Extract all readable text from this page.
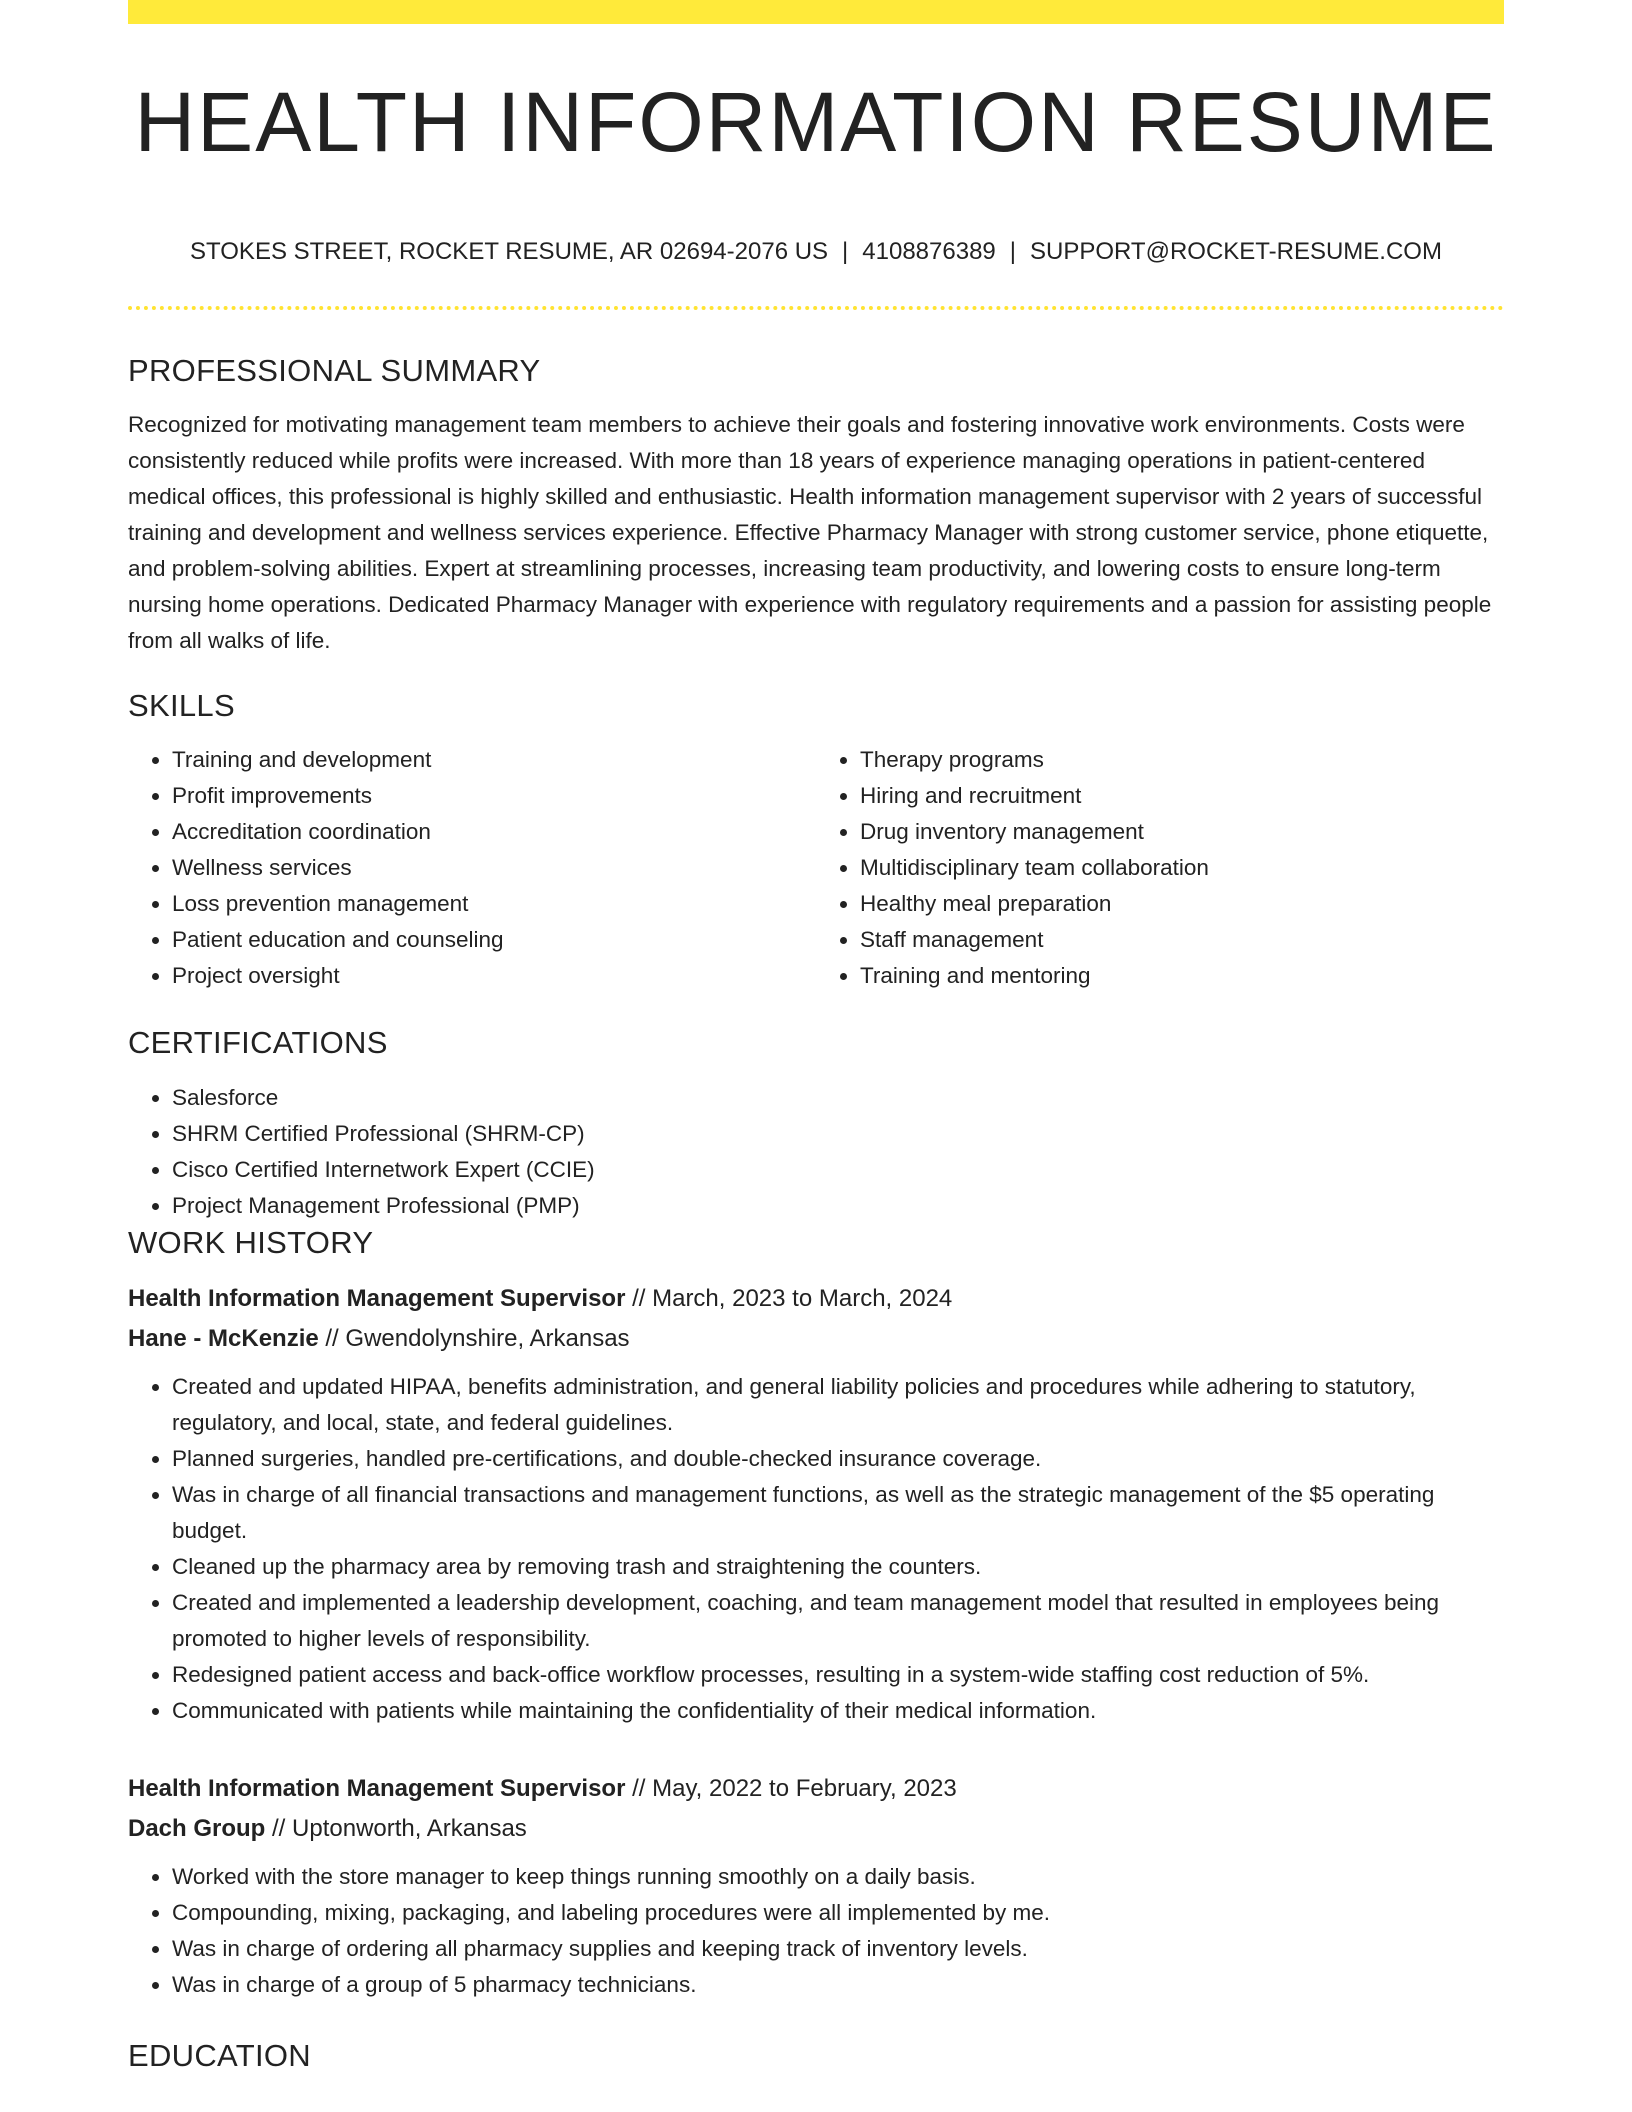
HEALTH INFORMATION RESUME
STOKES STREET, ROCKET RESUME, AR 02694-2076 US | 4108876389 | SUPPORT@ROCKET-RESUME.COM
PROFESSIONAL SUMMARY

Recognized for motivating management team members to achieve their goals and fostering innovative work environments. Costs were consistently reduced while profits were increased. With more than 18 years of experience managing operations in patient-centered medical offices, this professional is highly skilled and enthusiastic. Health information management supervisor with 2 years of successful training and development and wellness services experience. Effective Pharmacy Manager with strong customer service, phone etiquette, and problem-solving abilities. Expert at streamlining processes, increasing team productivity, and lowering costs to ensure long-term nursing home operations. Dedicated Pharmacy Manager with experience with regulatory requirements and a passion for assisting people from all walks of life.

SKILLS
• Training and development
• Profit improvements
• Accreditation coordination
• Wellness services
• Loss prevention management
• Patient education and counseling
• Project oversight
• Therapy programs
• Hiring and recruitment
• Drug inventory management
• Multidisciplinary team collaboration
• Healthy meal preparation
• Staff management
• Training and mentoring
CERTIFICATIONS
• Salesforce
• SHRM Certified Professional (SHRM-CP)
• Cisco Certified Internetwork Expert (CCIE)
• Project Management Professional (PMP)
WORK HISTORY
Health Information Management Supervisor // March, 2023 to March, 2024
Hane - McKenzie // Gwendolynshire, Arkansas
• Created and updated HIPAA, benefits administration, and general liability policies and procedures while adhering to statutory, regulatory, and local, state, and federal guidelines.
• Planned surgeries, handled pre-certifications, and double-checked insurance coverage.
• Was in charge of all financial transactions and management functions, as well as the strategic management of the $5 operating budget.
• Cleaned up the pharmacy area by removing trash and straightening the counters.
• Created and implemented a leadership development, coaching, and team management model that resulted in employees being promoted to higher levels of responsibility.
• Redesigned patient access and back-office workflow processes, resulting in a system-wide staffing cost reduction of 5%.
• Communicated with patients while maintaining the confidentiality of their medical information.
Health Information Management Supervisor // May, 2022 to February, 2023
Dach Group // Uptonworth, Arkansas
• Worked with the store manager to keep things running smoothly on a daily basis.
• Compounding, mixing, packaging, and labeling procedures were all implemented by me.
• Was in charge of ordering all pharmacy supplies and keeping track of inventory levels.
• Was in charge of a group of 5 pharmacy technicians.
EDUCATION
